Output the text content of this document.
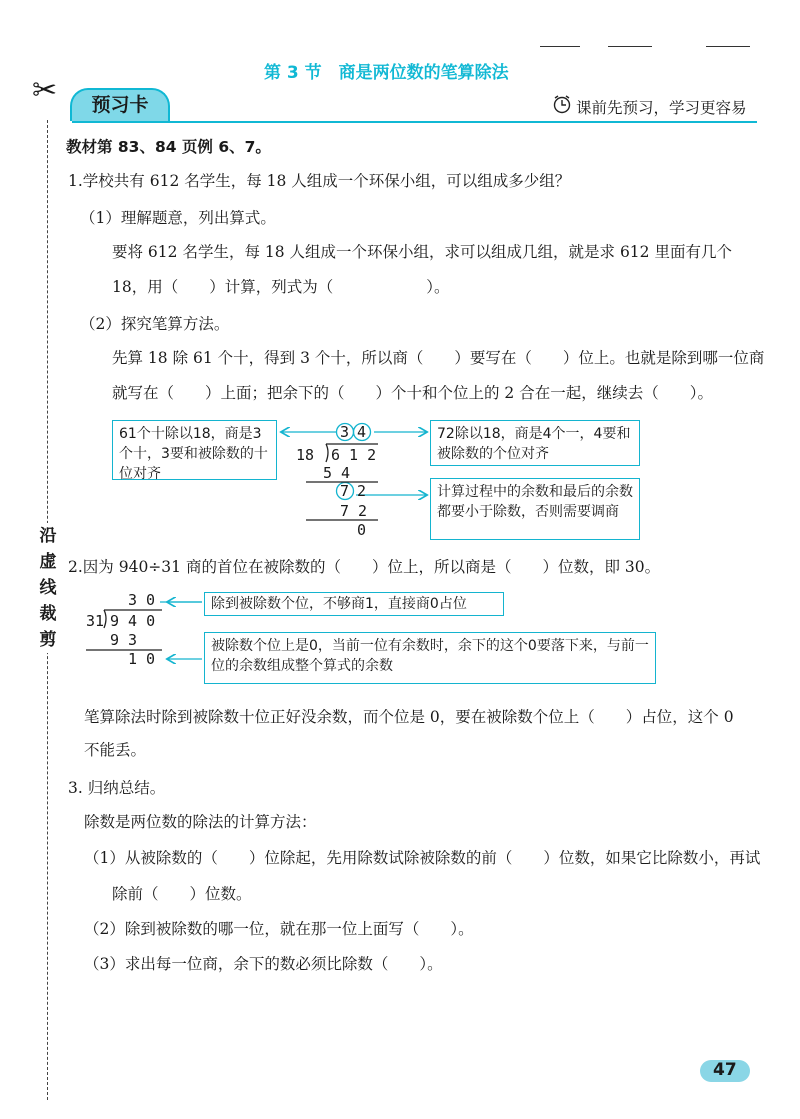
第 3 节　商是两位数的笔算除法
✂
沿
虚
线
裁
剪
预习卡	课前先预习，学习更容易
教材第 83、84 页例 6、7。
1.学校共有 612 名学生，每 18 人组成一个环保小组，可以组成多少组？
（1）理解题意，列出算式。
要将 612 名学生，每 18 人组成一个环保小组，求可以组成几组，就是求 612 里面有几个
18，用（　　）计算，列式为（　　　　　　）。
（2）探究笔算方法。
先算 18 除 61 个十，得到 3 个十，所以商（　　）要写在（　　）位上。也就是除到哪一位商
就写在（　　）上面；把余下的（　　）个十和个位上的 2 合在一起，继续去（　　）。
61个十除以18，商是3个十，3要和被除数的十位对齐
72除以18，商是4个一，4要和被除数的个位对齐
计算过程中的余数和最后的余数都要小于除数，否则需要调商
3 4
18 6 1 2
5 4
7 2
7 2
0
2.因为 940÷31 商的首位在被除数的（　　）位上，所以商是（　　）位数，即 30。
除到被除数个位，不够商1，直接商0占位
被除数个位上是0，当前一位有余数时，余下的这个0要落下来，与前一位的余数组成整个算式的余数
3 0
31 9 4 0
9 3
1 0
笔算除法时除到被除数十位正好没余数，而个位是 0，要在被除数个位上（　　）占位，这个 0
不能丢。
3. 归纳总结。
除数是两位数的除法的计算方法：
（1）从被除数的（　　）位除起，先用除数试除被除数的前（　　）位数，如果它比除数小，再试
除前（　　）位数。
（2）除到被除数的哪一位，就在那一位上面写（　　）。
（3）求出每一位商，余下的数必须比除数（　　）。
47
